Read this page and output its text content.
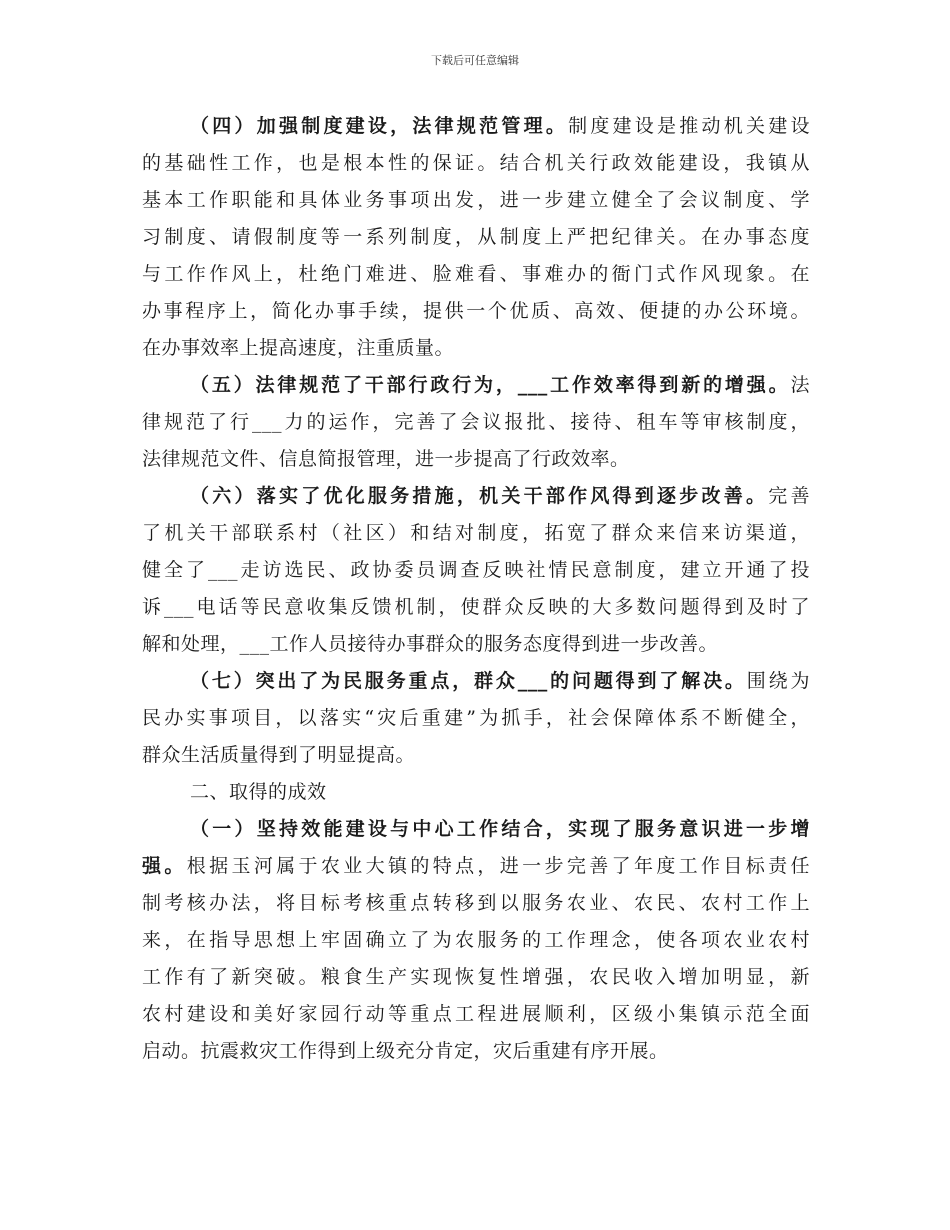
下载后可任意编辑
（四）加强制度建设，法律规范管理。制度建设是推动机关建设
的基础性工作，也是根本性的保证。结合机关行政效能建设，我镇从
基本工作职能和具体业务事项出发，进一步建立健全了会议制度、学
习制度、请假制度等一系列制度，从制度上严把纪律关。在办事态度
与工作作风上，杜绝门难进、脸难看、事难办的衙门式作风现象。在
办事程序上，简化办事手续，提供一个优质、高效、便捷的办公环境。
在办事效率上提高速度，注重质量。
（五）法律规范了干部行政行为，___工作效率得到新的增强。法
律规范了行___力的运作，完善了会议报批、接待、租车等审核制度，
法律规范文件、信息简报管理，进一步提高了行政效率。
（六）落实了优化服务措施，机关干部作风得到逐步改善。完善
了机关干部联系村（社区）和结对制度，拓宽了群众来信来访渠道，
健全了___走访选民、政协委员调查反映社情民意制度，建立开通了投
诉___电话等民意收集反馈机制，使群众反映的大多数问题得到及时了
解和处理，___工作人员接待办事群众的服务态度得到进一步改善。
（七）突出了为民服务重点，群众___的问题得到了解决。围绕为
民办实事项目，以落实“灾后重建”为抓手，社会保障体系不断健全，
群众生活质量得到了明显提高。
二、取得的成效
（一）坚持效能建设与中心工作结合，实现了服务意识进一步增
强。根据玉河属于农业大镇的特点，进一步完善了年度工作目标责任
制考核办法，将目标考核重点转移到以服务农业、农民、农村工作上
来，在指导思想上牢固确立了为农服务的工作理念，使各项农业农村
工作有了新突破。粮食生产实现恢复性增强，农民收入增加明显，新
农村建设和美好家园行动等重点工程进展顺利，区级小集镇示范全面
启动。抗震救灾工作得到上级充分肯定，灾后重建有序开展。
